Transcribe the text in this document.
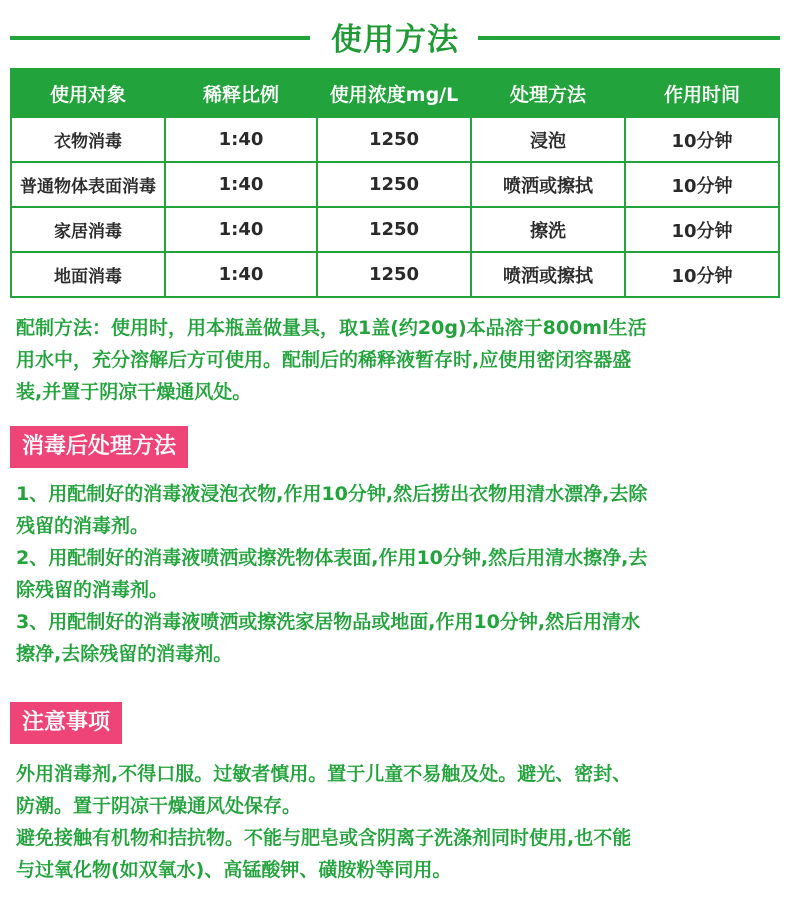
使用方法
使用对象	稀释比例	使用浓度mg/L	处理方法	作用时间
衣物消毒	1:40	1250	浸泡	10分钟
普通物体表面消毒	1:40	1250	喷洒或擦拭	10分钟
家居消毒	1:40	1250	擦洗	10分钟
地面消毒	1:40	1250	喷洒或擦拭	10分钟
配制方法：使用时，用本瓶盖做量具，取1盖(约20g)本品溶于800ml生活
用水中，充分溶解后方可使用。配制后的稀释液暂存时,应使用密闭容器盛
装,并置于阴凉干燥通风处。
消毒后处理方法
1、用配制好的消毒液浸泡衣物,作用10分钟,然后捞出衣物用清水漂净,去除
残留的消毒剂。
2、用配制好的消毒液喷洒或擦洗物体表面,作用10分钟,然后用清水擦净,去
除残留的消毒剂。
3、用配制好的消毒液喷洒或擦洗家居物品或地面,作用10分钟,然后用清水
擦净,去除残留的消毒剂。
注意事项
外用消毒剂,不得口服。过敏者慎用。置于儿童不易触及处。避光、密封、
防潮。置于阴凉干燥通风处保存。
避免接触有机物和拮抗物。不能与肥皂或含阴离子洗涤剂同时使用,也不能
与过氧化物(如双氧水)、高锰酸钾、磺胺粉等同用。
